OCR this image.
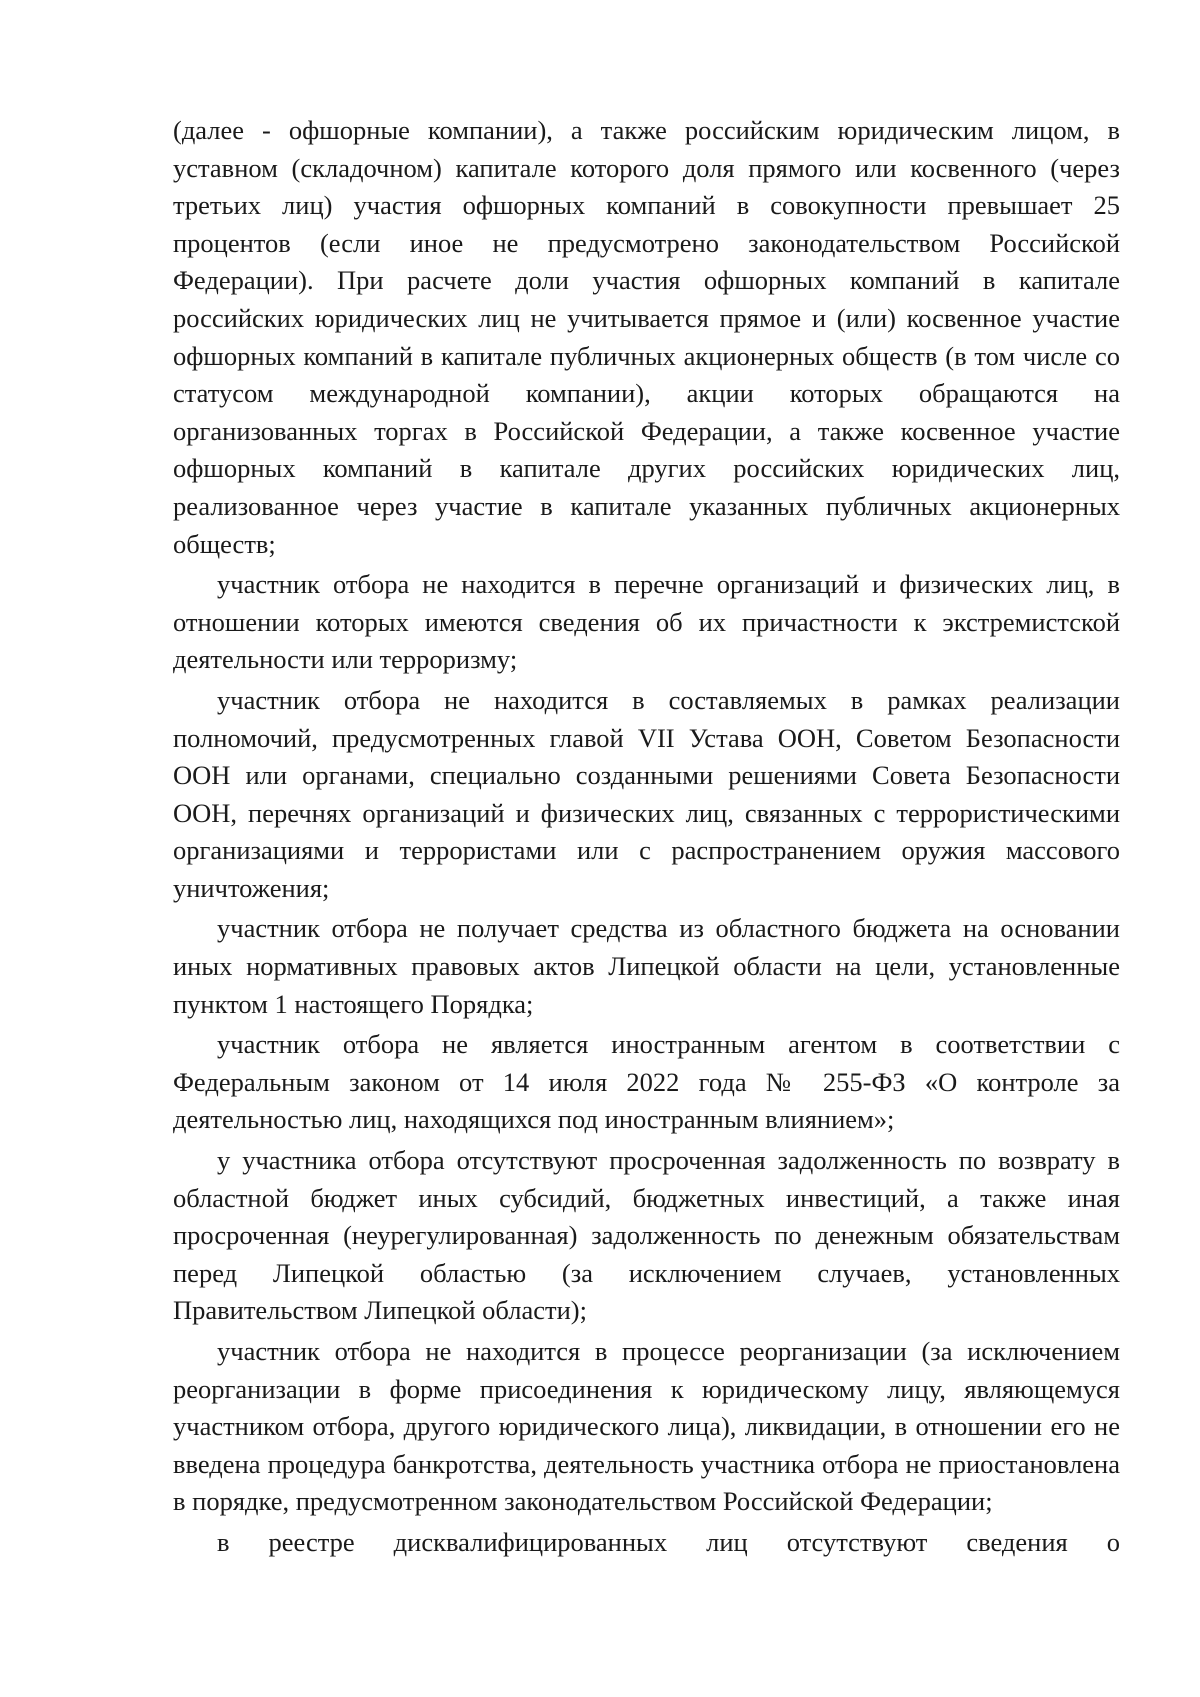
(далее - офшорные компании), а также российским юридическим лицом, в уставном (складочном) капитале которого доля прямого или косвенного (через третьих лиц) участия офшорных компаний в совокупности превышает 25 процентов (если иное не предусмотрено законодательством Российской Федерации). При расчете доли участия офшорных компаний в капитале российских юридических лиц не учитывается прямое и (или) косвенное участие офшорных компаний в капитале публичных акционерных обществ (в том числе со статусом международной компании), акции которых обращаются на организованных торгах в Российской Федерации, а также косвенное участие офшорных компаний в капитале других российских юридических лиц, реализованное через участие в капитале указанных публичных акционерных обществ;

участник отбора не находится в перечне организаций и физических лиц, в отношении которых имеются сведения об их причастности к экстремистской деятельности или терроризму;

участник отбора не находится в составляемых в рамках реализации полномочий, предусмотренных главой VII Устава ООН, Советом Безопасности ООН или органами, специально созданными решениями Совета Безопасности ООН, перечнях организаций и физических лиц, связанных с террористическими организациями и террористами или с распространением оружия массового уничтожения;

участник отбора не получает средства из областного бюджета на основании иных нормативных правовых актов Липецкой области на цели, установленные пунктом 1 настоящего Порядка;

участник отбора не является иностранным агентом в соответствии с Федеральным законом от 14 июля 2022 года № 255-ФЗ «О контроле за деятельностью лиц, находящихся под иностранным влиянием»;

у участника отбора отсутствуют просроченная задолженность по возврату в областной бюджет иных субсидий, бюджетных инвестиций, а также иная просроченная (неурегулированная) задолженность по денежным обязательствам перед Липецкой областью (за исключением случаев, установленных Правительством Липецкой области);

участник отбора не находится в процессе реорганизации (за исключением реорганизации в форме присоединения к юридическому лицу, являющемуся участником отбора, другого юридического лица), ликвидации, в отношении его не введена процедура банкротства, деятельность участника отбора не приостановлена в порядке, предусмотренном законодательством Российской Федерации;

в реестре дисквалифицированных лиц отсутствуют сведения о
